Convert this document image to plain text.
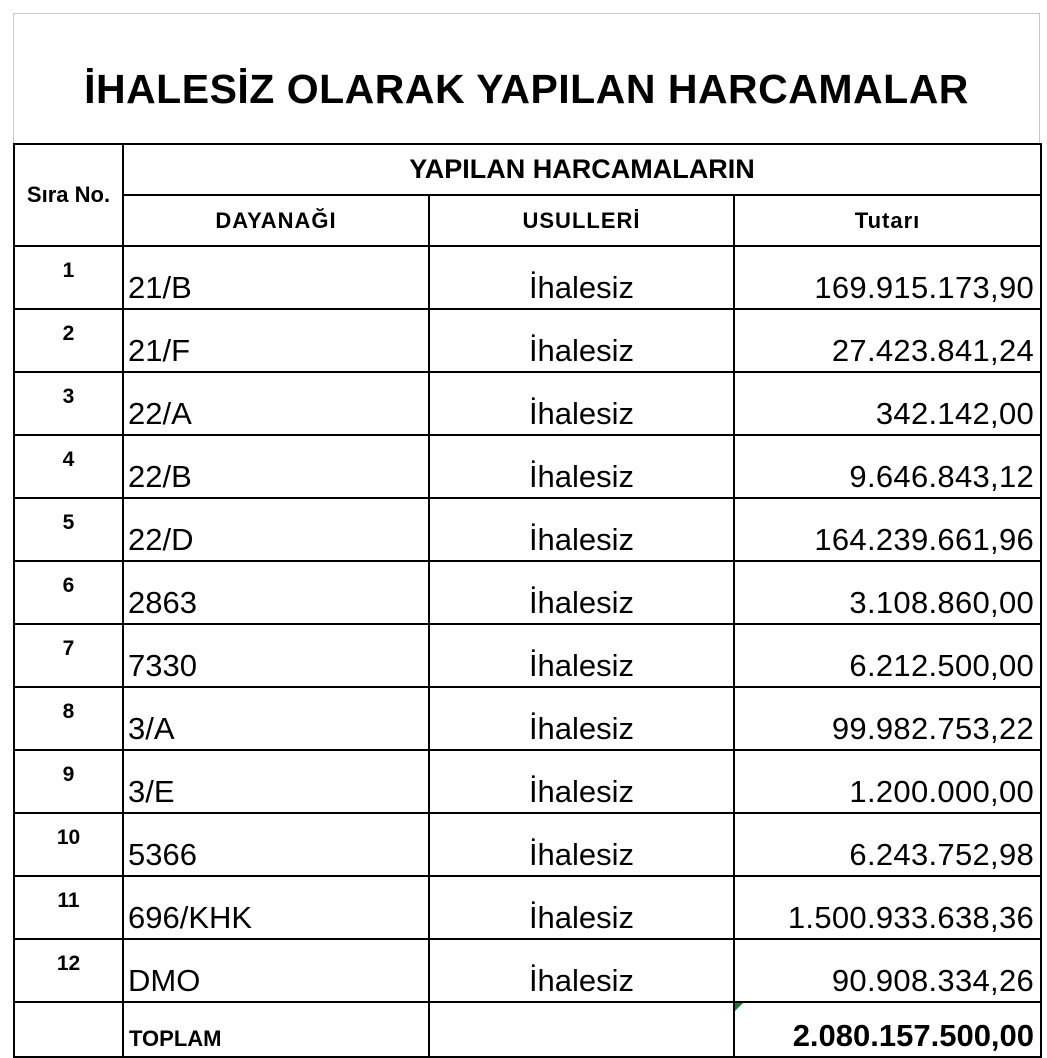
İHALESİZ OLARAK YAPILAN HARCAMALAR
Sıra No.	YAPILAN HARCAMALARIN		
	DAYANAĞI	USULLERİ	Tutarı
1	21/B	İhalesiz	169.915.173,90
2	21/F	İhalesiz	27.423.841,24
3	22/A	İhalesiz	342.142,00
4	22/B	İhalesiz	9.646.843,12
5	22/D	İhalesiz	164.239.661,96
6	2863	İhalesiz	3.108.860,00
7	7330	İhalesiz	6.212.500,00
8	3/A	İhalesiz	99.982.753,22
9	3/E	İhalesiz	1.200.000,00
10	5366	İhalesiz	6.243.752,98
11	696/KHK	İhalesiz	1.500.933.638,36
12	DMO	İhalesiz	90.908.334,26
	TOPLAM		2.080.157.500,00
